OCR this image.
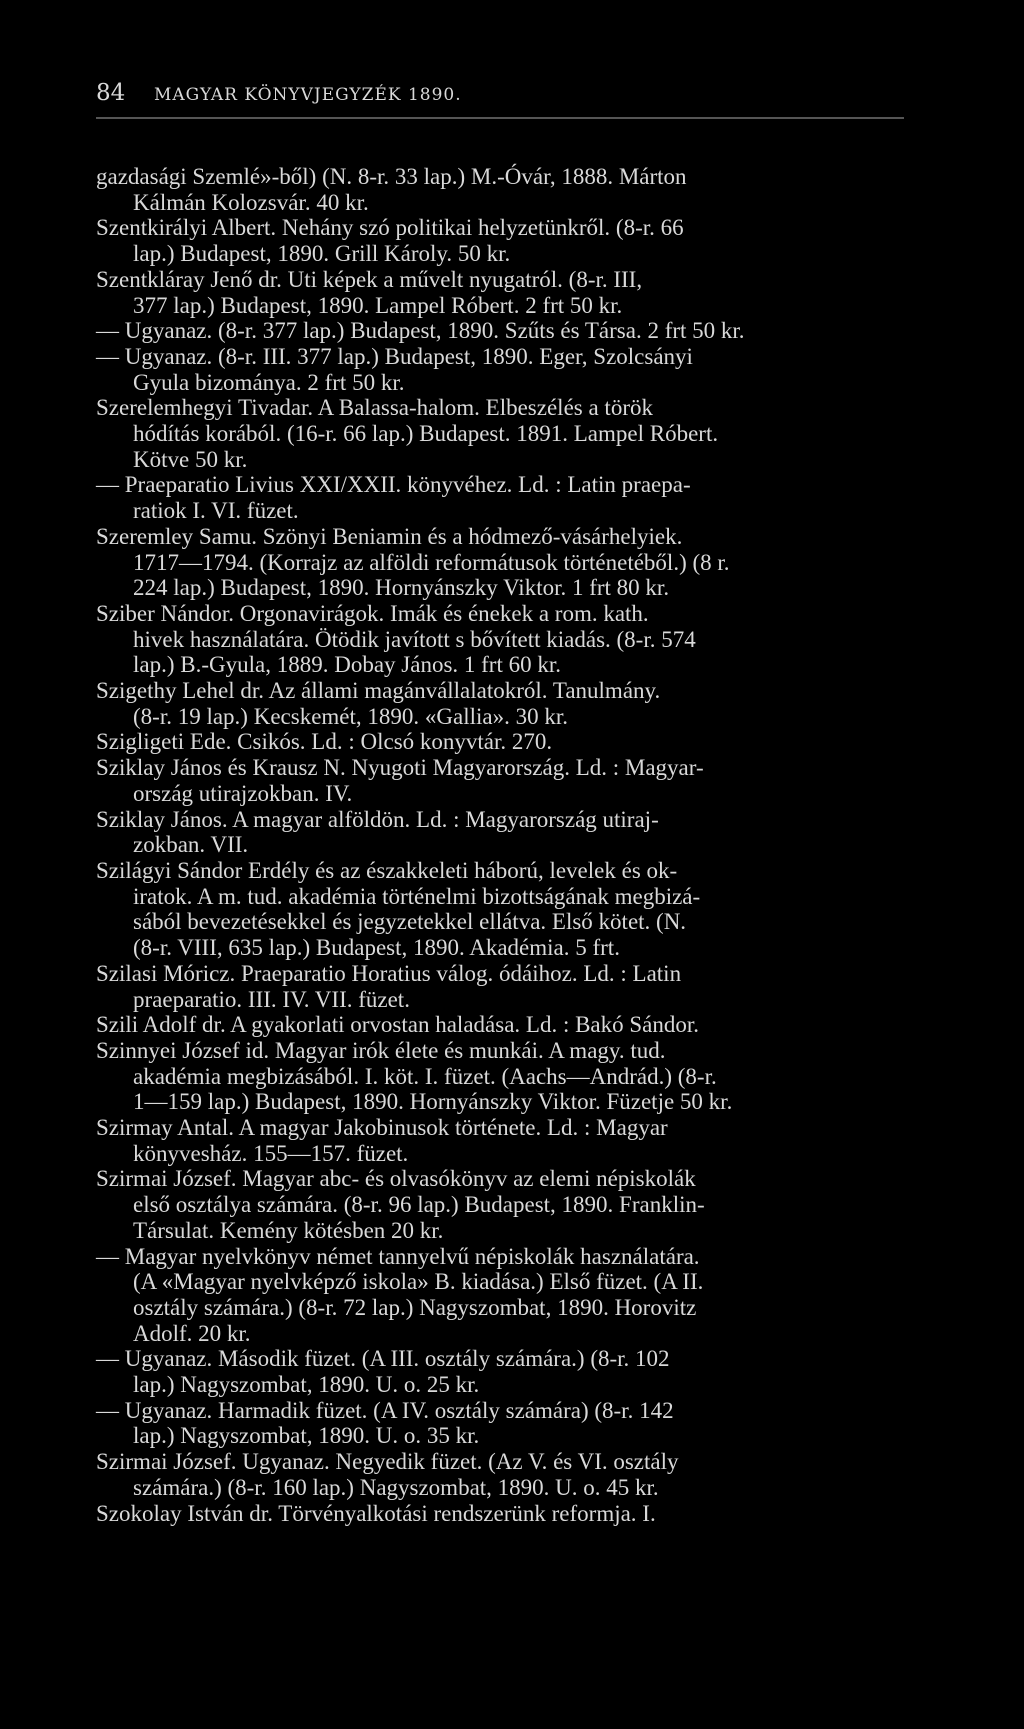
84 MAGYAR KÖNYVJEGYZÉK 1890.
gazdasági Szemlé»-ből) (N. 8-r. 33 lap.) M.-Óvár, 1888. Márton
Kálmán Kolozsvár. 40 kr.
Szentkirályi Albert. Nehány szó politikai helyzetünkről. (8-r. 66
lap.) Budapest, 1890. Grill Károly. 50 kr.
Szentkláray Jenő dr. Uti képek a művelt nyugatról. (8-r. III,
377 lap.) Budapest, 1890. Lampel Róbert. 2 frt 50 kr.
— Ugyanaz. (8-r. 377 lap.) Budapest, 1890. Szűts és Társa. 2 frt 50 kr.
— Ugyanaz. (8-r. III. 377 lap.) Budapest, 1890. Eger, Szolcsányi
Gyula bizománya. 2 frt 50 kr.
Szerelemhegyi Tivadar. A Balassa-halom. Elbeszélés a török
hódítás korából. (16-r. 66 lap.) Budapest. 1891. Lampel Róbert.
Kötve 50 kr.
— Praeparatio Livius XXI/XXII. könyvéhez. Ld. : Latin praepa-
ratiok I. VI. füzet.
Szeremley Samu. Szönyi Beniamin és a hódmező-vásárhelyiek.
1717—1794. (Korrajz az alföldi reformátusok történetéből.) (8 r.
224 lap.) Budapest, 1890. Hornyánszky Viktor. 1 frt 80 kr.
Sziber Nándor. Orgonavirágok. Imák és énekek a rom. kath.
hivek használatára. Ötödik javított s bővített kiadás. (8-r. 574
lap.) B.-Gyula, 1889. Dobay János. 1 frt 60 kr.
Szigethy Lehel dr. Az állami magánvállalatokról. Tanulmány.
(8-r. 19 lap.) Kecskemét, 1890. «Gallia». 30 kr.
Szigligeti Ede. Csikós. Ld. : Olcsó konyvtár. 270.
Sziklay János és Krausz N. Nyugoti Magyarország. Ld. : Magyar-
ország utirajzokban. IV.
Sziklay János. A magyar alföldön. Ld. : Magyarország utiraj-
zokban. VII.
Szilágyi Sándor Erdély és az északkeleti háború, levelek és ok-
iratok. A m. tud. akadémia történelmi bizottságának megbizá-
sából bevezetésekkel és jegyzetekkel ellátva. Első kötet. (N.
(8-r. VIII, 635 lap.) Budapest, 1890. Akadémia. 5 frt.
Szilasi Móricz. Praeparatio Horatius válog. ódáihoz. Ld. : Latin
praeparatio. III. IV. VII. füzet.
Szili Adolf dr. A gyakorlati orvostan haladása. Ld. : Bakó Sándor.
Szinnyei József id. Magyar irók élete és munkái. A magy. tud.
akadémia megbizásából. I. köt. I. füzet. (Aachs—Andrád.) (8-r.
1—159 lap.) Budapest, 1890. Hornyánszky Viktor. Füzetje 50 kr.
Szirmay Antal. A magyar Jakobinusok története. Ld. : Magyar
könyvesház. 155—157. füzet.
Szirmai József. Magyar abc- és olvasókönyv az elemi népiskolák
első osztálya számára. (8-r. 96 lap.) Budapest, 1890. Franklin-
Társulat. Kemény kötésben 20 kr.
— Magyar nyelvkönyv német tannyelvű népiskolák használatára.
(A «Magyar nyelvképző iskola» B. kiadása.) Első füzet. (A II.
osztály számára.) (8-r. 72 lap.) Nagyszombat, 1890. Horovitz
Adolf. 20 kr.
— Ugyanaz. Második füzet. (A III. osztály számára.) (8-r. 102
lap.) Nagyszombat, 1890. U. o. 25 kr.
— Ugyanaz. Harmadik füzet. (A IV. osztály számára) (8-r. 142
lap.) Nagyszombat, 1890. U. o. 35 kr.
Szirmai József. Ugyanaz. Negyedik füzet. (Az V. és VI. osztály
számára.) (8-r. 160 lap.) Nagyszombat, 1890. U. o. 45 kr.
Szokolay István dr. Törvényalkotási rendszerünk reformja. I.
